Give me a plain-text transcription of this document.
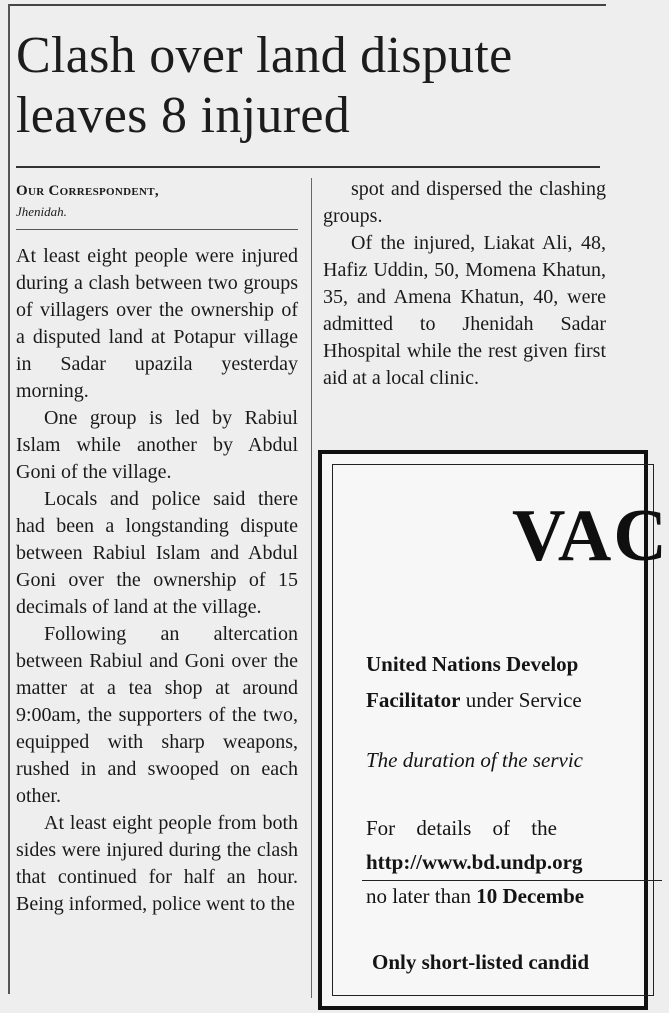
Clash over land dispute
leaves 8 injured
Our Correspondent,
Jhenidah.

At least eight people were injured during a clash between two groups of villagers over the ownership of a disputed land at Potapur village in Sadar upazila yesterday morning.

One group is led by Rabiul Islam while another by Abdul Goni of the village.

Locals and police said there had been a longstanding dispute between Rabiul Islam and Abdul Goni over the ownership of 15 decimals of land at the village.

Following an altercation between Rabiul and Goni over the matter at a tea shop at around 9:00am, the supporters of the two, equipped with sharp weapons, rushed in and swooped on each other.

At least eight people from both sides were injured during the clash that continued for half an hour. Being informed, police went to the

spot and dispersed the clashing groups.

Of the injured, Liakat Ali, 48, Hafiz Uddin, 50, Momena Khatun, 35, and Amena Khatun, 40, were admitted to Jhenidah Sadar Hhospital while the rest given first aid at a local clinic.

VAC
United Nations Develop
Facilitator under Service
The duration of the servic
For details of the
http://www.bd.undp.org
no later than 10 Decembe
Only short-listed candid
